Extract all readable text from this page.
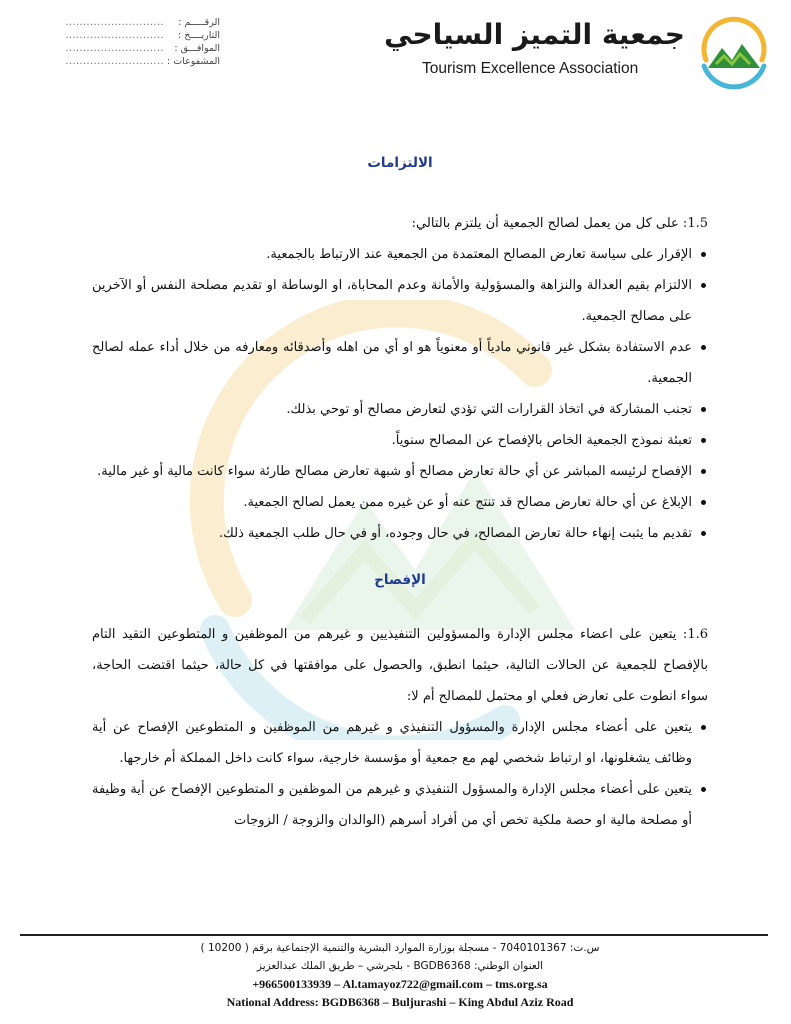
جمعية التميز السياحي
Tourism Excellence Association
الرقـــــم :
............................
التاريــــخ :
............................
الموافـــق :
............................
المشفوعات :
............................
الالتزامات
1.5: على كل من يعمل لصالح الجمعية أن يلتزم بالتالي:
الإقرار على سياسة تعارض المصالح المعتمدة من الجمعية عند الارتباط بالجمعية.
الالتزام بقيم العدالة والنزاهة والمسؤولية والأمانة وعدم المحاباة، او الوساطة او تقديم مصلحة النفس أو الآخرين على مصالح الجمعية.
عدم الاستفادة بشكل غير قانوني مادياً أو معنوياً هو او أي من اهله وأصدقائه ومعارفه من خلال أداء عمله لصالح الجمعية.
تجنب المشاركة في اتخاذ القرارات التي تؤدي لتعارض مصالح أو توحي بذلك.
تعبئة نموذج الجمعية الخاص بالإفصاح عن المصالح سنوياً.
الإفصاح لرئيسه المباشر عن أي حالة تعارض مصالح أو شبهة تعارض مصالح طارئة سواء كانت مالية أو غير مالية.
الإبلاغ عن أي حالة تعارض مصالح قد تنتج عنه أو عن غيره ممن يعمل لصالح الجمعية.
تقديم ما يثبت إنهاء حالة تعارض المصالح، في حال وجوده، أو في حال طلب الجمعية ذلك.
الإفصاح
1.6: يتعين على اعضاء مجلس الإدارة والمسؤولين التنفيذيين و غيرهم من الموظفين و المتطوعين التقيد التام بالإفصاح للجمعية عن الحالات التالية، حيثما انطبق، والحصول على موافقتها في كل حالة، حيثما اقتضت الحاجة، سواء انطوت على تعارض فعلي او محتمل للمصالح أم لا:
يتعين على أعضاء مجلس الإدارة والمسؤول التنفيذي و غيرهم من الموظفين و المتطوعين الإفصاح عن أية وظائف يشغلونها، او ارتباط شخصي لهم مع جمعية أو مؤسسة خارجية، سواء كانت داخل المملكة أم خارجها.
يتعين على أعضاء مجلس الإدارة والمسؤول التنفيذي و غيرهم من الموظفين و المتطوعين الإفصاح عن أية وظيفة أو مصلحة مالية او حصة ملكية تخص أي من أفراد أسرهم (الوالدان والزوجة / الزوجات
س.ت: 7040101367 - مسجلة بوزارة الموارد البشرية والتنمية الإجتماعية برقم ( 10200 )
العنوان الوطني: BGDB6368 - بلجرشي – طريق الملك عبدالعزيز
+966500133939 – Al.tamayoz722@gmail.com – tms.org.sa
National Address: BGDB6368 – Buljurashi – King Abdul Aziz Road
